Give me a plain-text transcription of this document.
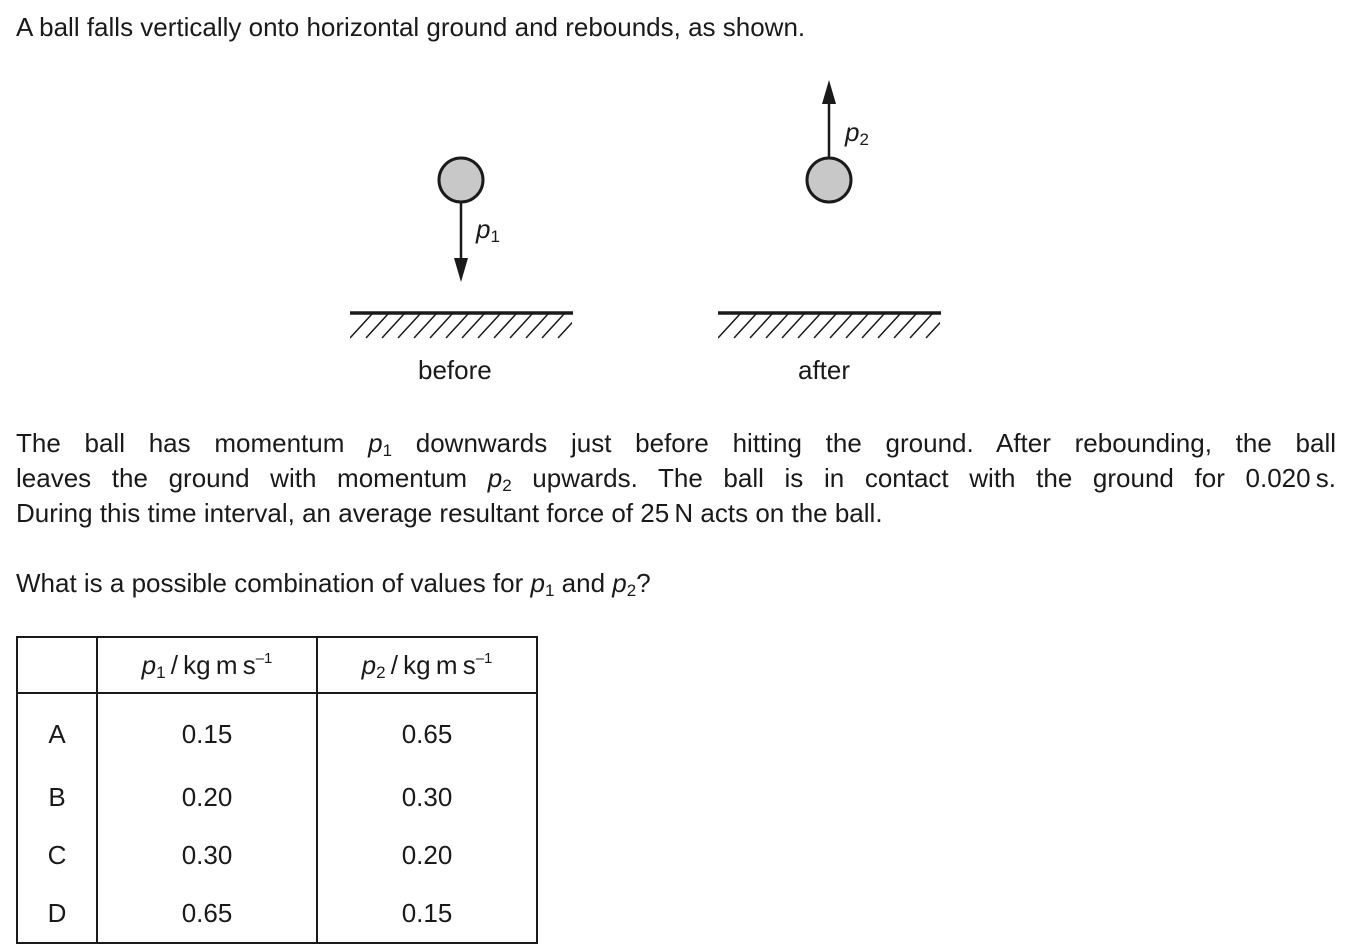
A ball falls vertically onto horizontal ground and rebounds, as shown.
$p_1$
$p_2$
before	after
The ball has momentum $p_1$ downwards just before hitting the ground. After rebounding, the ball
leaves the ground with momentum $p_2$ upwards. The ball is in contact with the ground for 0.020 s.
During this time interval, an average resultant force of 25 N acts on the ball.
What is a possible combination of values for $p_1$ and $p_2$?
	$p_1$ / kg m $s^{-1}$	$p_2$ / kg m $s^{-1}$
A	0.15	0.65
B	0.20	0.30
C	0.30	0.20
D	0.65	0.15
